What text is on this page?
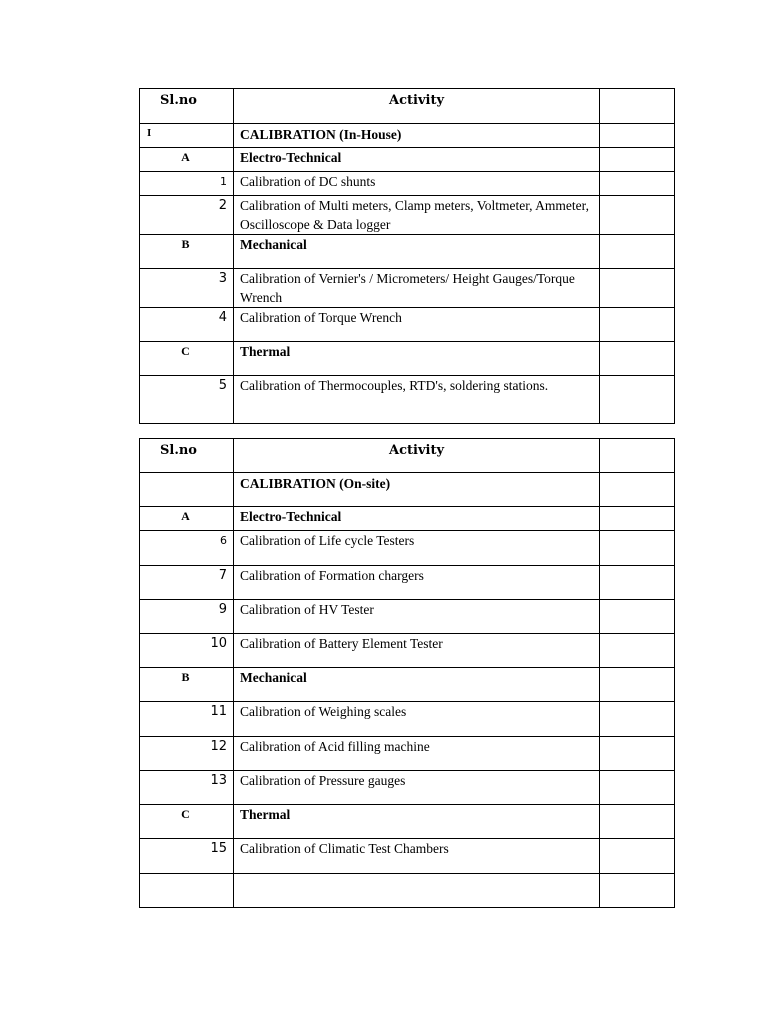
Sl.no	Activity	
I	CALIBRATION (In-House)	
A	Electro-Technical	
1	Calibration of DC shunts	
2	Calibration of Multi meters, Clamp meters, Voltmeter, Ammeter, Oscilloscope & Data logger	
B	Mechanical	
3	Calibration of Vernier's / Micrometers/ Height Gauges/Torque Wrench	
4	Calibration of Torque Wrench	
C	Thermal	
5	Calibration of Thermocouples, RTD's, soldering stations.	
Sl.no	Activity	
	CALIBRATION (On-site)	
A	Electro-Technical	
6	Calibration of Life cycle Testers	
7	Calibration of Formation chargers	
9	Calibration of HV Tester	
10	Calibration of Battery Element Tester	
B	Mechanical	
11	Calibration of Weighing scales	
12	Calibration of Acid filling machine	
13	Calibration of Pressure gauges	
C	Thermal	
15	Calibration of Climatic Test Chambers	
